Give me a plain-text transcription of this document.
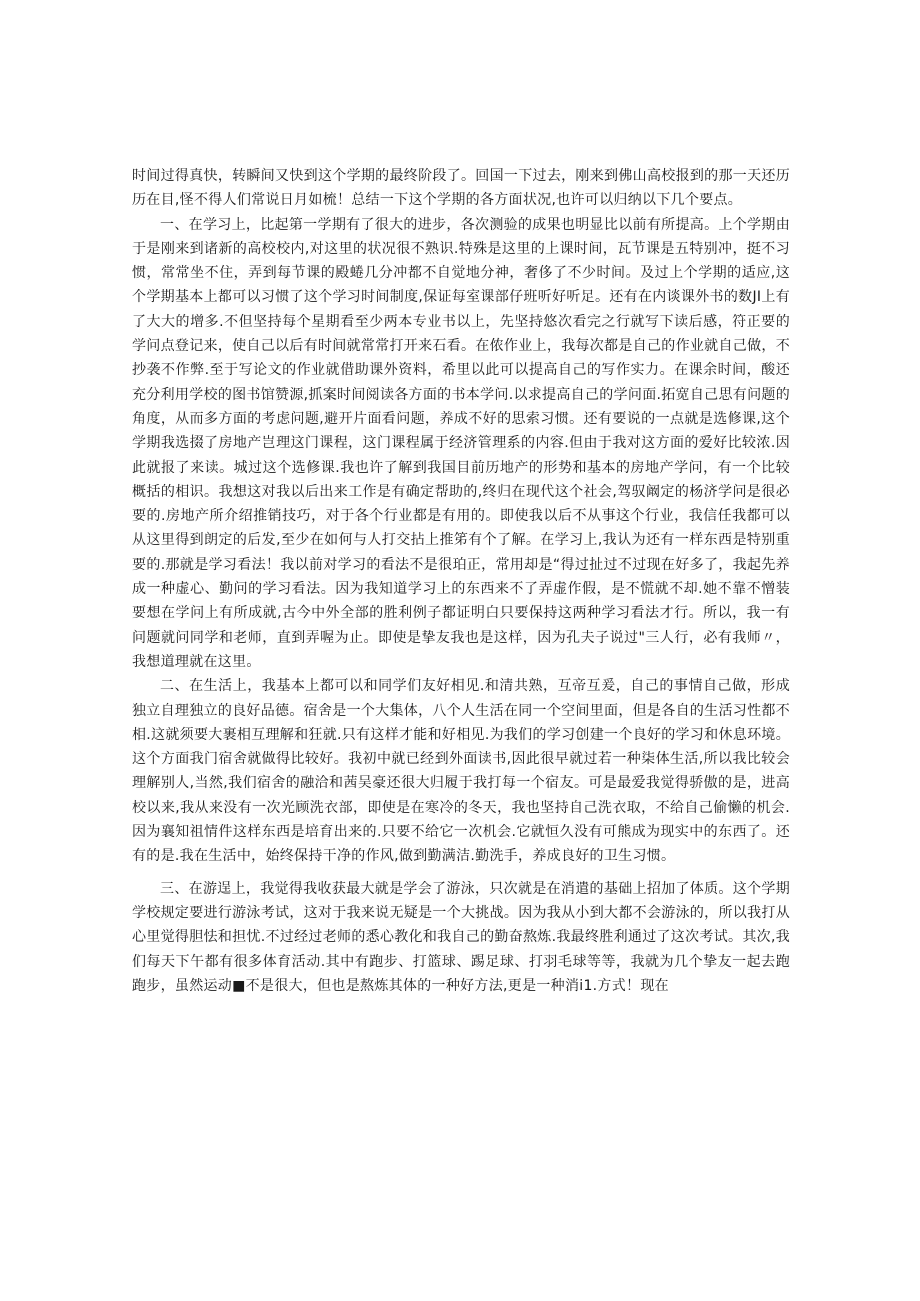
时间过得真快，转瞬间又快到这个学期的最终阶段了。回国一下过去，刚来到佛山高校报到的那一天还历历在目,怪不得人们常说日月如梳！总结一下这个学期的各方面状况,也许可以归纳以下几个要点。

一、在学习上，比起第一学期有了很大的进步，各次测验的成果也明显比以前有所提高。上个学期由于是刚来到诸新的高校校内,对这里的状况很不熟识.特殊是这里的上课时间，瓦节课是五特别冲，挺不习惯，常常坐不住，弄到每节课的殿蜷几分冲都不自觉地分神，奢侈了不少时间。及过上个学期的适应,这个学期基本上都可以习惯了这个学习时间制度,保证每室课部仔班听好听足。还有在内谈课外书的数JI上有了大大的增多.不但坚持每个星期看至少两本专业书以上，先坚持悠次看完之行就写下读后感，符正要的学问点登记来，使自己以后有时间就常常打开来石看。在侬作业上，我每次都是自己的作业就自己做，不抄袭不作弊.至于写论文的作业就借助课外资料，希里以此可以提高自己的写作实力。在课余时间，酸还充分利用学校的图书馆赞源,抓案时间阅读各方面的书本学问.以求提高自己的学问面.拓宽自己思有问题的角度，从而多方面的考虑问题,避开片面看问题，养成不好的思索习惯。还有要说的一点就是选修课,这个学期我选掇了房地产岂理这门课程，这门课程属于经济管理系的内容.但由于我对这方面的爱好比较浓.因此就报了来读。城过这个选修课.我也许了解到我国目前历地产的形势和基本的房地产学问，有一个比较概括的相识。我想这对我以后出来工作是有确定帮助的,终归在现代这个社会,驾驭阚定的杨济学问是很必要的.房地产所介绍推销技巧，对于各个行业都是有用的。即使我以后不从事这个行业，我信任我都可以从这里得到朗定的后发,至少在如何与人打交拈上推笫有个了解。在学习上,我认为还有一样东西是特别重要的.那就是学习看法！我以前对学习的看法不是很珀正，常用却是“得过扯过不过现在好多了，我起先养成一种虚心、勤问的学习看法。因为我知道学习上的东西来不了弄虚作假，是不慌就不却.她不靠不憎装要想在学问上有所成就,古今中外全部的胜利例子都证明白只要保持这两种学习看法才行。所以，我一有问题就问同学和老师，直到弄喔为止。即使是挚友我也是这样，因为孔夫子说过"三人行，必有我师〃，我想道理就在这里。

二、在生活上，我基本上都可以和同学们友好相见.和清共熟，互帝互爰，自己的事情自己做，形成独立自理独立的良好品德。宿舍是一个大集体，八个人生活在同一个空间里面，但是各自的生活习性都不相.这就须要大裹相互理解和狂就.只有这样才能和好相见.为我们的学习创建一个良好的学习和休息环境。这个方面我门宿舍就做得比较好。我初中就已经到外面读书,因此很早就过若一种柒体生活,所以我比较会理解别人,当然,我们宿舍的融洽和茜吴豪还很大归履于我打每一个宿友。可是最爱我觉得骄傲的是，进高校以来,我从来没有一次光顾洗衣部，即使是在寒冷的冬天，我也坚持自己洗衣取，不给自己偷懒的机会.因为襄知祖情件这样东西是培育出来的.只要不给它一次机会.它就恒久没有可熊成为现实中的东西了。还有的是.我在生活中，始终保持干净的作风,做到勤满洁.勤洗手，养成良好的卫生习惯。

三、在游逞上，我觉得我收获最大就是学会了游泳，只次就是在消遣的基础上招加了体质。这个学期学校规定要进行游泳考试，这对于我来说无疑是一个大挑战。因为我从小到大都不会游泳的，所以我打从心里觉得胆怯和担忧.不过经过老师的悉心教化和我自己的勤奋熬炼.我最终胜利通过了这次考试。其次,我们每天下午都有很多体育活动.其中有跑步、打篮球、踢足球、打羽毛球等等，我就为几个挚友一起去跑跑步，虽然运动■不是很大，但也是熬炼其体的一种好方法,更是一种消i1.方式！现在
